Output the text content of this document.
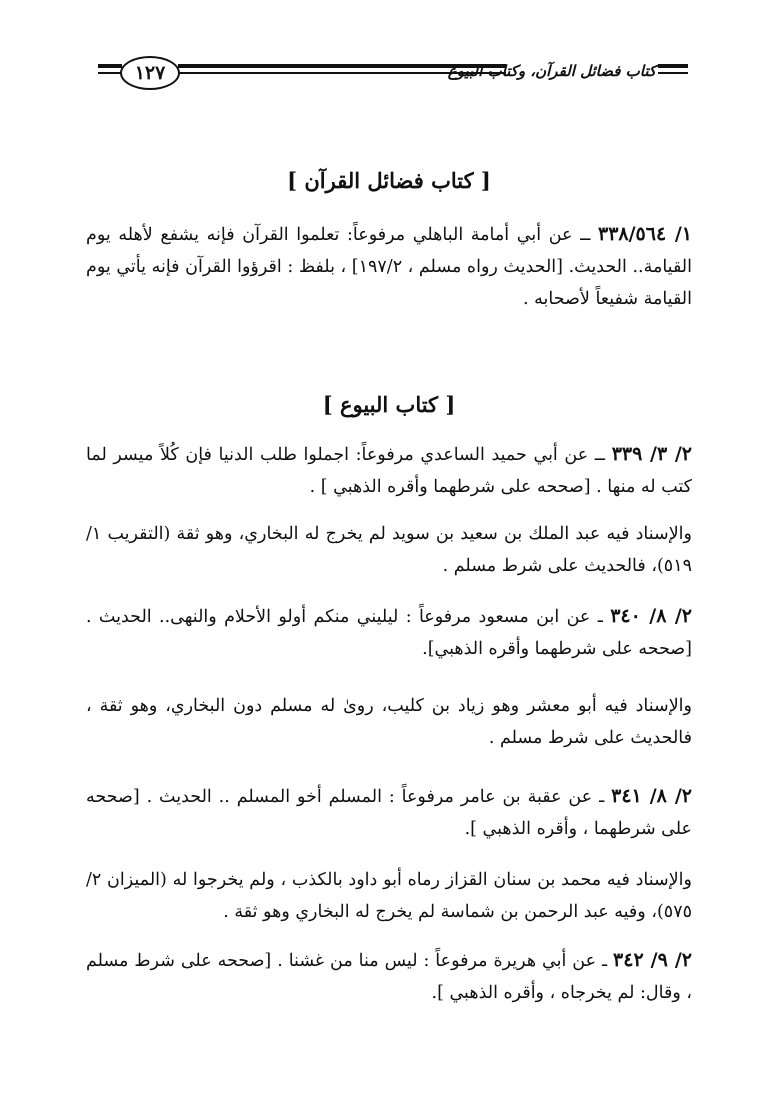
١٢٧	كتاب فضائل القرآن، وكتاب البيوع
[ كتاب فضائل القرآن ]

١/ ٣٣٨/٥٦٤ ــ عن أبي أمامة الباهلي مرفوعاً: تعلموا القرآن فإنه يشفع لأهله يوم القيامة.. الحديث. [الحديث رواه مسلم ، ١٩٧/٢] ، بلفظ : اقرؤوا القرآن فإنه يأتي يوم القيامة شفيعاً لأصحابه .

[ كتاب البيوع ]

٢/ ٣/ ٣٣٩ ــ عن أبي حميد الساعدي مرفوعاً: اجملوا طلب الدنيا فإن كُلاً ميسر لما كتب له منها . [صححه على شرطهما وأقره الذهبي ] .

والإسناد فيه عبد الملك بن سعيد بن سويد لم يخرج له البخاري، وهو ثقة (التقريب ١/ ٥١٩)، فالحديث على شرط مسلم .

٢/ ٨/ ٣٤٠ ـ عن ابن مسعود مرفوعاً : ليليني منكم أولو الأحلام والنهى.. الحديث . [صححه على شرطهما وأقره الذهبي].

والإسناد فيه أبو معشر وهو زياد بن كليب، روىٰ له مسلم دون البخاري، وهو ثقة ، فالحديث على شرط مسلم .

٢/ ٨/ ٣٤١ ـ عن عقبة بن عامر مرفوعاً : المسلم أخو المسلم .. الحديث . [صححه على شرطهما ، وأقره الذهبي ].

والإسناد فيه محمد بن سنان القزاز رماه أبو داود بالكذب ، ولم يخرجوا له (الميزان ٢/ ٥٧٥)، وفيه عبد الرحمن بن شماسة لم يخرج له البخاري وهو ثقة .

٢/ ٩/ ٣٤٢ ـ عن أبي هريرة مرفوعاً : ليس منا من غشنا . [صححه على شرط مسلم ، وقال: لم يخرجاه ، وأقره الذهبي ].
